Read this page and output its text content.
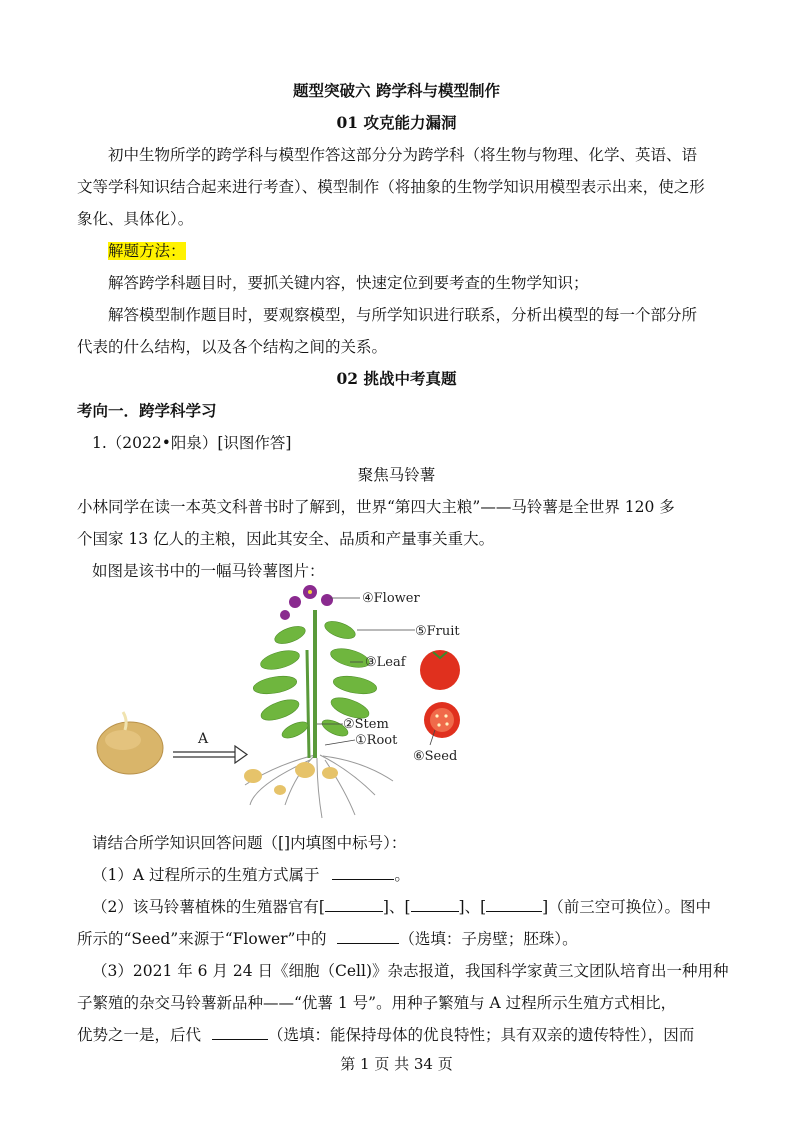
题型突破六 跨学科与模型制作
01 攻克能力漏洞
初中生物所学的跨学科与模型作答这部分分为跨学科（将生物与物理、化学、英语、语
文等学科知识结合起来进行考查）、模型制作（将抽象的生物学知识用模型表示出来，使之形
象化、具体化）。
解题方法：
解答跨学科题目时，要抓关键内容，快速定位到要考查的生物学知识；
解答模型制作题目时，要观察模型，与所学知识进行联系，分析出模型的每一个部分所
代表的什么结构，以及各个结构之间的关系。
02 挑战中考真题
考向一．跨学科学习
1.（2022•阳泉）[识图作答]
聚焦马铃薯
小林同学在读一本英文科普书时了解到，世界“第四大主粮”——马铃薯是全世界 120 多
个国家 13 亿人的主粮，因此其安全、品质和产量事关重大。
如图是该书中的一幅马铃薯图片：
A
④Flower
⑤Fruit
③Leaf
②Stem
①Root
⑥Seed
请结合所学知识回答问题（[]内填图中标号）：
（1）A 过程所示的生殖方式属于	。
（2）该马铃薯植株的生殖器官有[	]、[	]、[	]（前三空可换位）。图中
所示的“Seed”来源于“Flower”中的	（选填：子房壁；胚珠）。
（3）2021 年 6 月 24 日《细胞（Cell)》杂志报道，我国科学家黄三文团队培育出一种用种
子繁殖的杂交马铃薯新品种——“优薯 1 号”。用种子繁殖与 A 过程所示生殖方式相比，
优势之一是，后代	（选填：能保持母体的优良特性；具有双亲的遗传特性），因而
第 1 页 共 34 页
